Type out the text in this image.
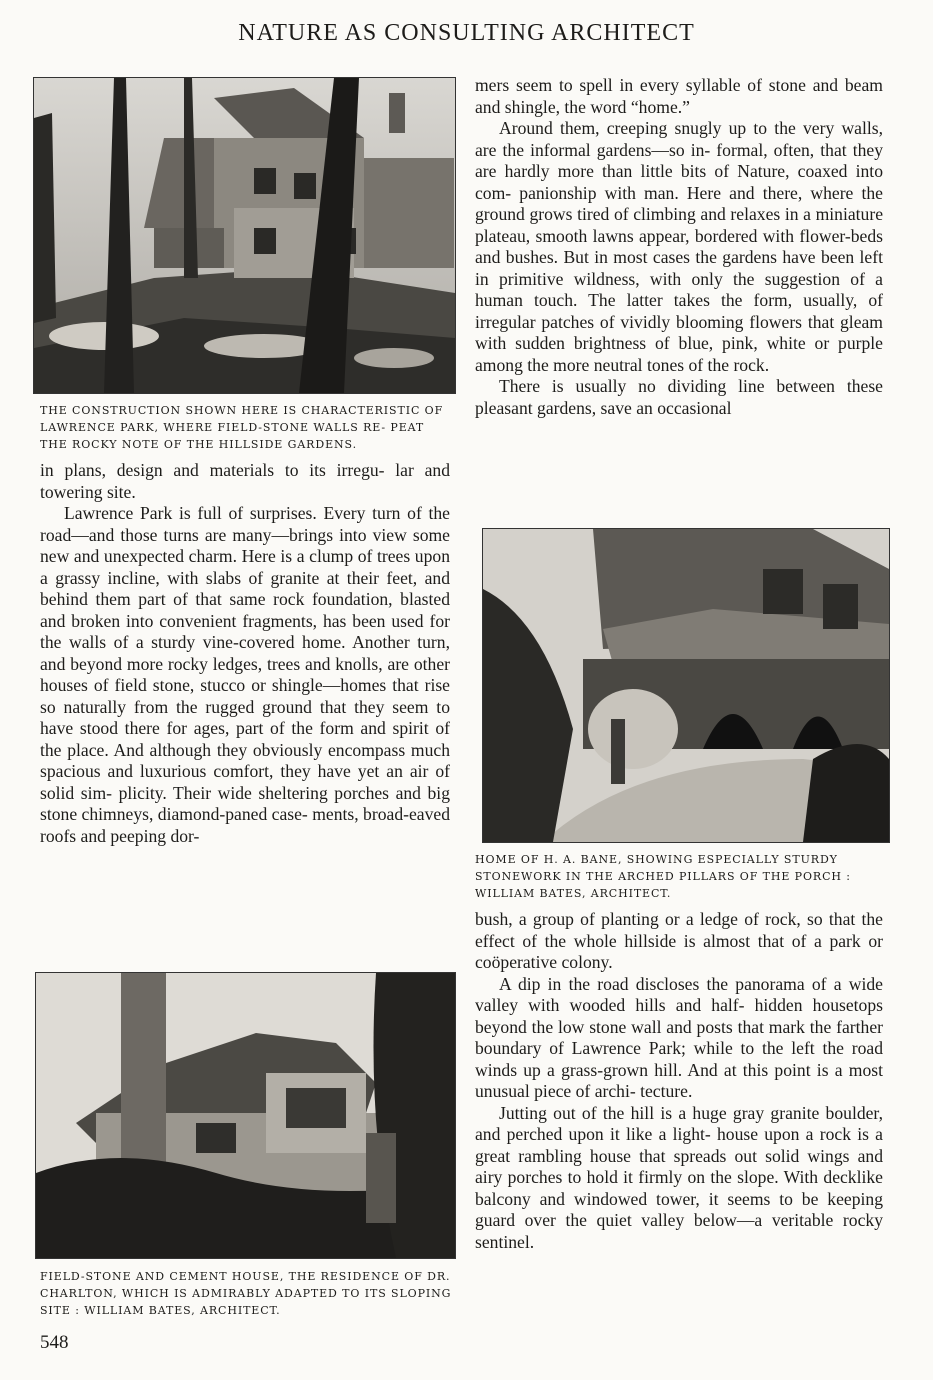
NATURE AS CONSULTING ARCHITECT
THE CONSTRUCTION SHOWN HERE IS CHARACTERISTIC OF LAWRENCE PARK, WHERE FIELD-STONE WALLS RE- PEAT THE ROCKY NOTE OF THE HILLSIDE GARDENS.

in plans, design and materials to its irregu- lar and towering site.

Lawrence Park is full of surprises. Every turn of the road—and those turns are many—brings into view some new and unexpected charm. Here is a clump of trees upon a grassy incline, with slabs of granite at their feet, and behind them part of that same rock foundation, blasted and broken into convenient fragments, has been used for the walls of a sturdy vine-covered home. Another turn, and beyond more rocky ledges, trees and knolls, are other houses of field stone, stucco or shingle—homes that rise so naturally from the rugged ground that they seem to have stood there for ages, part of the form and spirit of the place. And although they obviously encompass much spacious and luxurious comfort, they have yet an air of solid sim- plicity. Their wide sheltering porches and big stone chimneys, diamond-paned case- ments, broad-eaved roofs and peeping dor-

FIELD-STONE AND CEMENT HOUSE, THE RESIDENCE OF DR. CHARLTON, WHICH IS ADMIRABLY ADAPTED TO ITS SLOPING SITE : WILLIAM BATES, ARCHITECT.

mers seem to spell in every syllable of stone and beam and shingle, the word “home.”

Around them, creeping snugly up to the very walls, are the informal gardens—so in- formal, often, that they are hardly more than little bits of Nature, coaxed into com- panionship with man. Here and there, where the ground grows tired of climbing and relaxes in a miniature plateau, smooth lawns appear, bordered with flower-beds and bushes. But in most cases the gardens have been left in primitive wildness, with only the suggestion of a human touch. The latter takes the form, usually, of irregular patches of vividly blooming flowers that gleam with sudden brightness of blue, pink, white or purple among the more neutral tones of the rock.

There is usually no dividing line between these pleasant gardens, save an occasional

HOME OF H. A. BANE, SHOWING ESPECIALLY STURDY STONEWORK IN THE ARCHED PILLARS OF THE PORCH : WILLIAM BATES, ARCHITECT.

bush, a group of planting or a ledge of rock, so that the effect of the whole hillside is almost that of a park or coöperative colony.

A dip in the road discloses the panorama of a wide valley with wooded hills and half- hidden housetops beyond the low stone wall and posts that mark the farther boundary of Lawrence Park; while to the left the road winds up a grass-grown hill. And at this point is a most unusual piece of archi- tecture.

Jutting out of the hill is a huge gray granite boulder, and perched upon it like a light- house upon a rock is a great rambling house that spreads out solid wings and airy porches to hold it firmly on the slope. With decklike balcony and windowed tower, it seems to be keeping guard over the quiet valley below—a veritable rocky sentinel.

548
